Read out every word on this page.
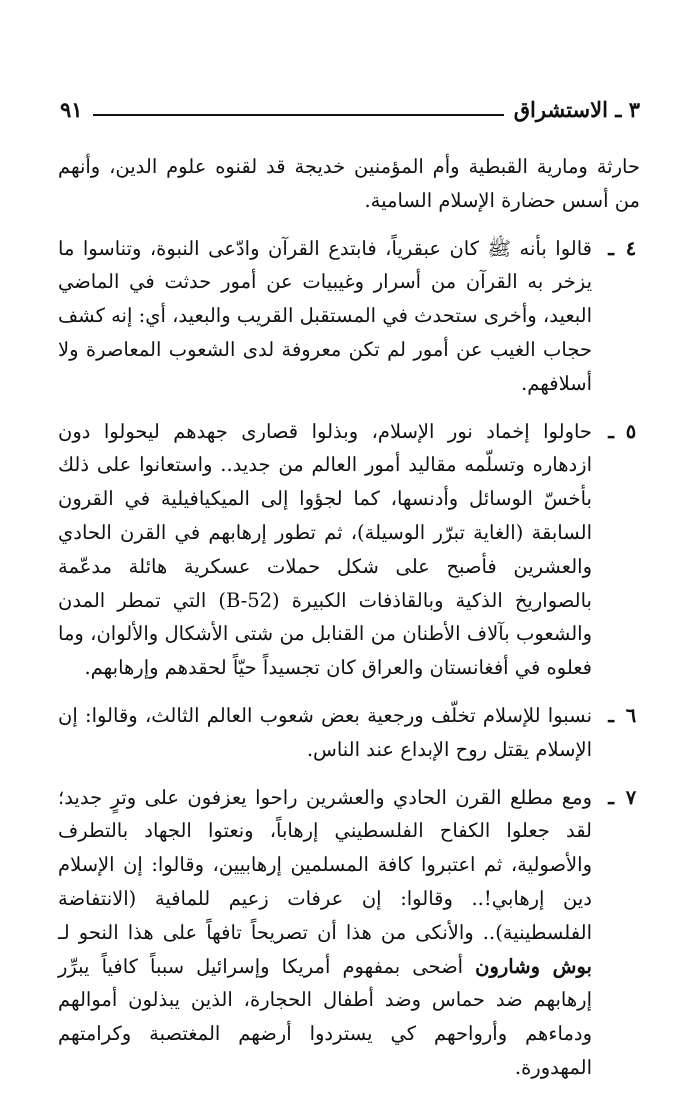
٣ ـ الاستشراق
٩١

حارثة ومارية القبطية وأم المؤمنين خديجة قد لقنوه علوم الدين، وأنهم من أسس حضارة الإسلام السامية.

٤
ـ

قالوا بأنه ﷺ كان عبقرياً، فابتدع القرآن وادّعى النبوة، وتناسوا ما يزخر به القرآن من أسرار وغيبيات عن أمور حدثت في الماضي البعيد، وأخرى ستحدث في المستقبل القريب والبعيد، أي: إنه كشف حجاب الغيب عن أمور لم تكن معروفة لدى الشعوب المعاصرة ولا أسلافهم.

٥
ـ

حاولوا إخماد نور الإسلام، وبذلوا قصارى جهدهم ليحولوا دون ازدهاره وتسلّمه مقاليد أمور العالم من جديد.. واستعانوا على ذلك بأخسّ الوسائل وأدنسها، كما لجؤوا إلى الميكيافيلية في القرون السابقة (الغاية تبرّر الوسيلة)، ثم تطور إرهابهم في القرن الحادي والعشرين فأصبح على شكل حملات عسكرية هائلة مدعّمة بالصواريخ الذكية وبالقاذفات الكبيرة (B-52) التي تمطر المدن والشعوب بآلاف الأطنان من القنابل من شتى الأشكال والألوان، وما فعلوه في أفغانستان والعراق كان تجسيداً حيّاً لحقدهم وإرهابهم.

٦
ـ

نسبوا للإسلام تخلّف ورجعية بعض شعوب العالم الثالث، وقالوا: إن الإسلام يقتل روح الإبداع عند الناس.

٧
ـ

ومع مطلع القرن الحادي والعشرين راحوا يعزفون على وترٍ جديد؛ لقد جعلوا الكفاح الفلسطيني إرهاباً، ونعتوا الجهاد بالتطرف والأصولية، ثم اعتبروا كافة المسلمين إرهابيين، وقالوا: إن الإسلام دين إرهابي!.. وقالوا: إن عرفات زعيم للمافية (الانتفاضة الفلسطينية).. والأنكى من هذا أن تصريحاً تافهاً على هذا النحو لـ بوش وشارون أضحى بمفهوم أمريكا وإسرائيل سبباً كافياً يبرِّر إرهابهم ضد حماس وضد أطفال الحجارة، الذين يبذلون أموالهم ودماءهم وأرواحهم كي يستردوا أرضهم المغتصبة وكرامتهم المهدورة.
